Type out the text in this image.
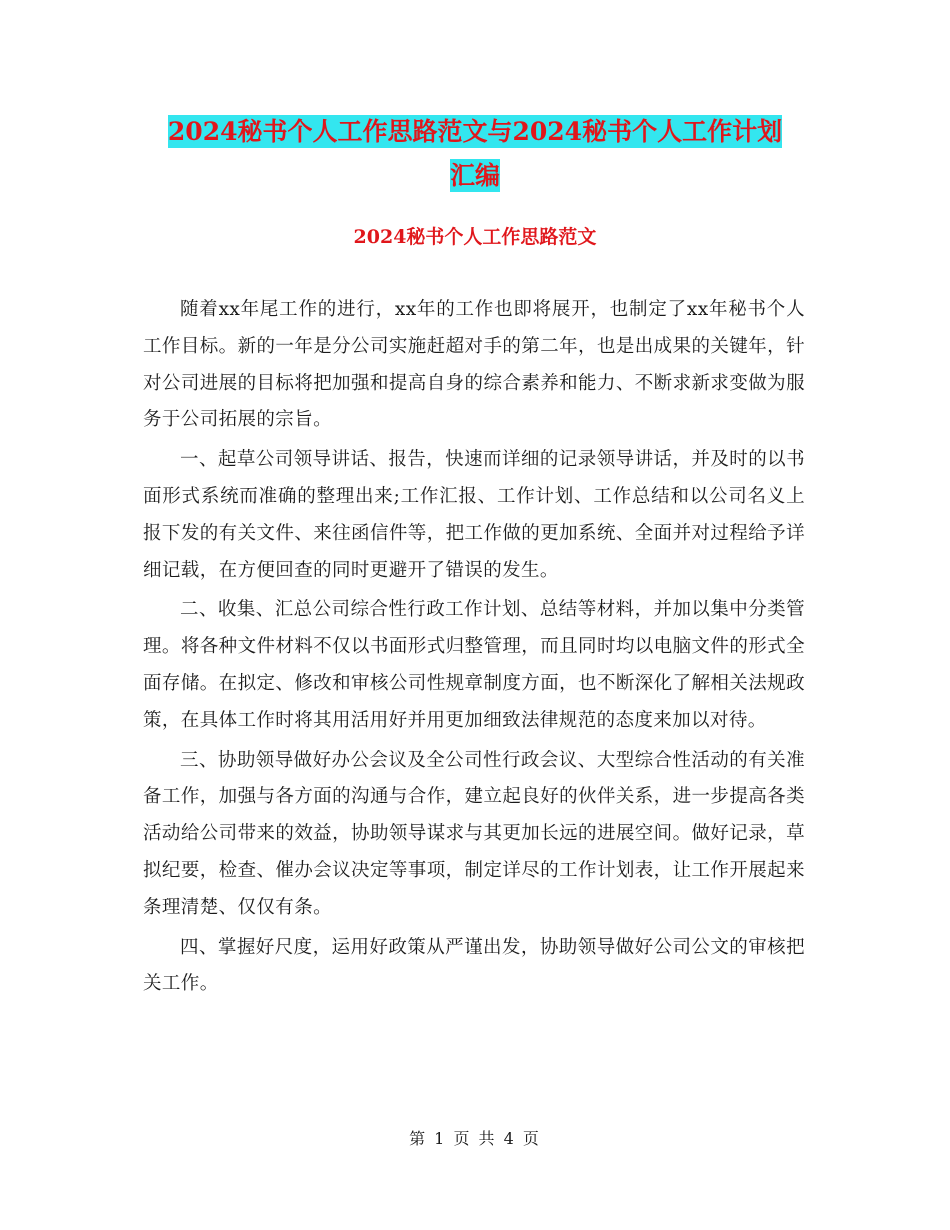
2024秘书个人工作思路范文与2024秘书个人工作计划
汇编
2024秘书个人工作思路范文

随着xx年尾工作的进行，xx年的工作也即将展开，也制定了xx年秘书个人工作目标。新的一年是分公司实施赶超对手的第二年，也是出成果的关键年，针对公司进展的目标将把加强和提高自身的综合素养和能力、不断求新求变做为服务于公司拓展的宗旨。

一、起草公司领导讲话、报告，快速而详细的记录领导讲话，并及时的以书面形式系统而准确的整理出来;工作汇报、工作计划、工作总结和以公司名义上报下发的有关文件、来往函信件等，把工作做的更加系统、全面并对过程给予详细记载，在方便回查的同时更避开了错误的发生。

二、收集、汇总公司综合性行政工作计划、总结等材料，并加以集中分类管理。将各种文件材料不仅以书面形式归整管理，而且同时均以电脑文件的形式全面存储。在拟定、修改和审核公司性规章制度方面，也不断深化了解相关法规政策，在具体工作时将其用活用好并用更加细致法律规范的态度来加以对待。

三、协助领导做好办公会议及全公司性行政会议、大型综合性活动的有关准备工作，加强与各方面的沟通与合作，建立起良好的伙伴关系，进一步提高各类活动给公司带来的效益，协助领导谋求与其更加长远的进展空间。做好记录，草拟纪要，检查、催办会议决定等事项，制定详尽的工作计划表，让工作开展起来条理清楚、仅仅有条。

四、掌握好尺度，运用好政策从严谨出发，协助领导做好公司公文的审核把关工作。

第 1 页 共 4 页
